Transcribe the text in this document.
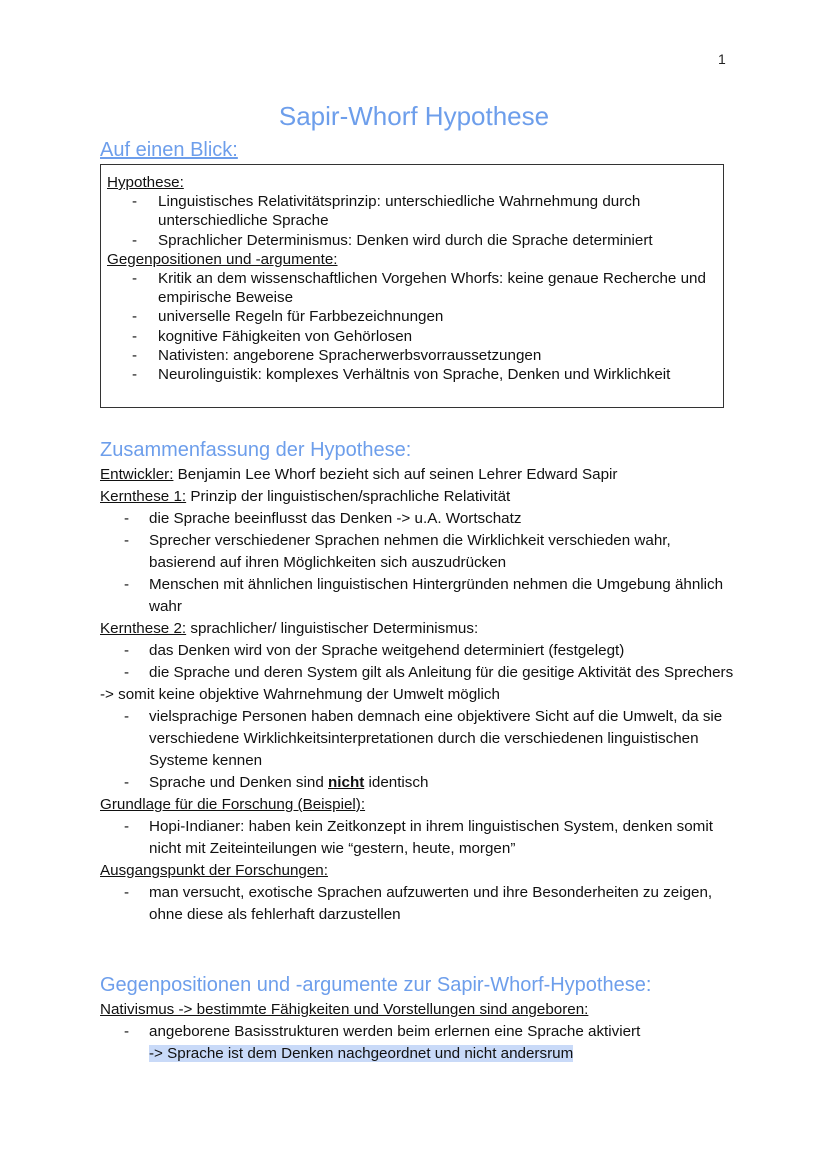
1
Sapir-Whorf Hypothese
Auf einen Blick:
Hypothese:
- Linguistisches Relativitätsprinzip: unterschiedliche Wahrnehmung durch unterschiedliche Sprache
- Sprachlicher Determinismus: Denken wird durch die Sprache determiniert
Gegenpositionen und -argumente:
- Kritik an dem wissenschaftlichen Vorgehen Whorfs: keine genaue Recherche und empirische Beweise
- universelle Regeln für Farbbezeichnungen
- kognitive Fähigkeiten von Gehörlosen
- Nativisten: angeborene Spracherwerbsvorraussetzungen
- Neurolinguistik: komplexes Verhältnis von Sprache, Denken und Wirklichkeit
Zusammenfassung der Hypothese:
Entwickler: Benjamin Lee Whorf bezieht sich auf seinen Lehrer Edward Sapir
Kernthese 1: Prinzip der linguistischen/sprachliche Relativität
- die Sprache beeinflusst das Denken -> u.A. Wortschatz
- Sprecher verschiedener Sprachen nehmen die Wirklichkeit verschieden wahr, basierend auf ihren Möglichkeiten sich auszudrücken
- Menschen mit ähnlichen linguistischen Hintergründen nehmen die Umgebung ähnlich wahr
Kernthese 2: sprachlicher/ linguistischer Determinismus:
- das Denken wird von der Sprache weitgehend determiniert (festgelegt)
- die Sprache und deren System gilt als Anleitung für die gesitige Aktivität des Sprechers
-> somit keine objektive Wahrnehmung der Umwelt möglich
- vielsprachige Personen haben demnach eine objektivere Sicht auf die Umwelt, da sie verschiedene Wirklichkeitsinterpretationen durch die verschiedenen linguistischen Systeme kennen
- Sprache und Denken sind nicht identisch
Grundlage für die Forschung (Beispiel):
- Hopi-Indianer: haben kein Zeitkonzept in ihrem linguistischen System, denken somit nicht mit Zeiteinteilungen wie “gestern, heute, morgen”
Ausgangspunkt der Forschungen:
- man versucht, exotische Sprachen aufzuwerten und ihre Besonderheiten zu zeigen, ohne diese als fehlerhaft darzustellen
Gegenpositionen und -argumente zur Sapir-Whorf-Hypothese:
Nativismus -> bestimmte Fähigkeiten und Vorstellungen sind angeboren:
- angeborene Basisstrukturen werden beim erlernen eine Sprache aktiviert
-> Sprache ist dem Denken nachgeordnet und nicht andersrum
